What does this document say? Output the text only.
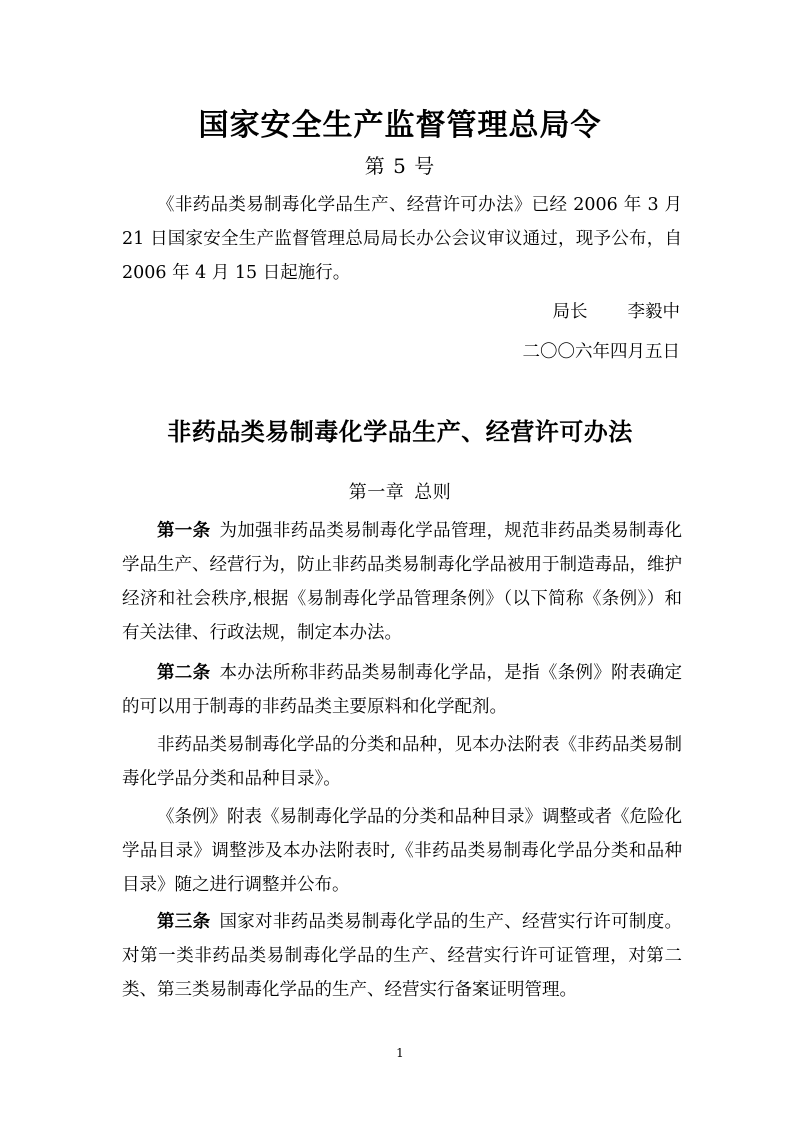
国家安全生产监督管理总局令
第 5 号

《非药品类易制毒化学品生产、经营许可办法》已经 2006 年 3 月 21 日国家安全生产监督管理总局局长办公会议审议通过，现予公布，自 2006 年 4 月 15 日起施行。

局长 李毅中
二〇〇六年四月五日
非药品类易制毒化学品生产、经营许可办法
第一章 总则

第一条  为加强非药品类易制毒化学品管理，规范非药品类易制毒化学品生产、经营行为，防止非药品类易制毒化学品被用于制造毒品，维护经济和社会秩序,根据《易制毒化学品管理条例》（以下简称《条例》）和有关法律、行政法规，制定本办法。

第二条  本办法所称非药品类易制毒化学品，是指《条例》附表确定的可以用于制毒的非药品类主要原料和化学配剂。

非药品类易制毒化学品的分类和品种，见本办法附表《非药品类易制毒化学品分类和品种目录》。

《条例》附表《易制毒化学品的分类和品种目录》调整或者《危险化学品目录》调整涉及本办法附表时,《非药品类易制毒化学品分类和品种目录》随之进行调整并公布。

第三条  国家对非药品类易制毒化学品的生产、经营实行许可制度。对第一类非药品类易制毒化学品的生产、经营实行许可证管理，对第二类、第三类易制毒化学品的生产、经营实行备案证明管理。

1
